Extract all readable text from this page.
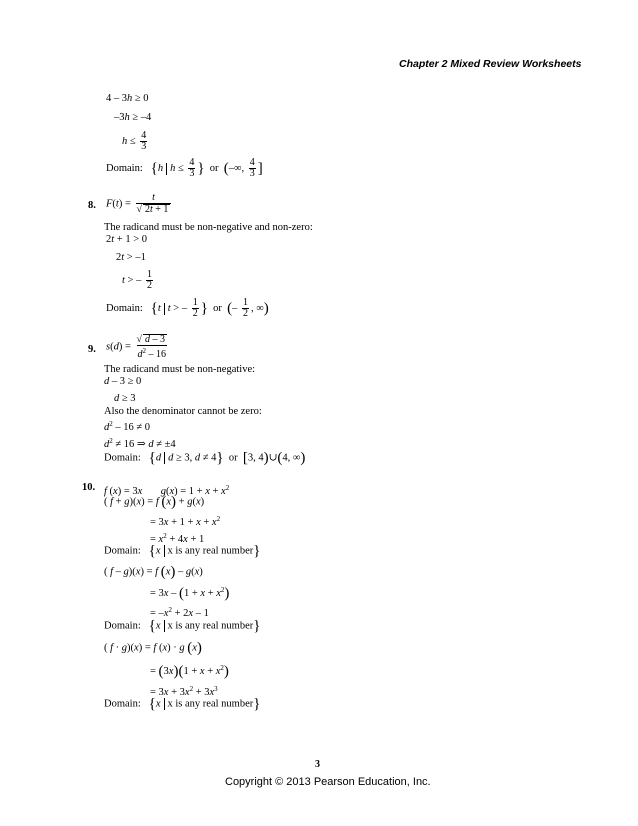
Chapter 2 Mixed Review Worksheets
4 – 3h ≥ 0
–3h ≥ –4
$h \le \frac{4}{3}$
Domain: {h $h \le \frac{4}{3}$ }  or  (–∞, $\frac{4}{3}$ ]
8. $F(t) = \frac{t}{√ 2t + 1}$
The radicand must be non-negative and non-zero:
2t + 1 > 0
2t > –1
t > – $\frac{1}{2}$
Domain: {t t > – $\frac{1}{2}$ }  or  (– $\frac{1}{2}$ , ∞)
9. $s(d) = \frac{√ d - 3}{d^2 - 16}$
The radicand must be non-negative:
d – 3 ≥ 0
d ≥ 3
Also the denominator cannot be zero:
$d^2 - 16 \ne 0$
$d^2 \ne 16$ ⇒ d ≠ ±4
Domain: {d d ≥ 3, d ≠ 4}  or  [3, 4)∪(4, ∞)
10. f (x) = 3x $g(x) = 1 + x + x^2$
( f + g)(x) = f (x) + g(x)
= $3x + 1 + x + x^2$
= $x^2 + 4x + 1$
Domain: {x x is any real number}
( f – g)(x) = f (x) – g(x)
= $3x - (1 + x + x^2)$
= $-x^2 + 2x - 1$
Domain: {x x is any real number}
( f · g)(x) = f (x) · g (x)
= $(3x)(1 + x + x^2)$
= $3x + 3x^2 + 3x^3$
Domain: {x x is any real number}
3
Copyright © 2013 Pearson Education, Inc.
